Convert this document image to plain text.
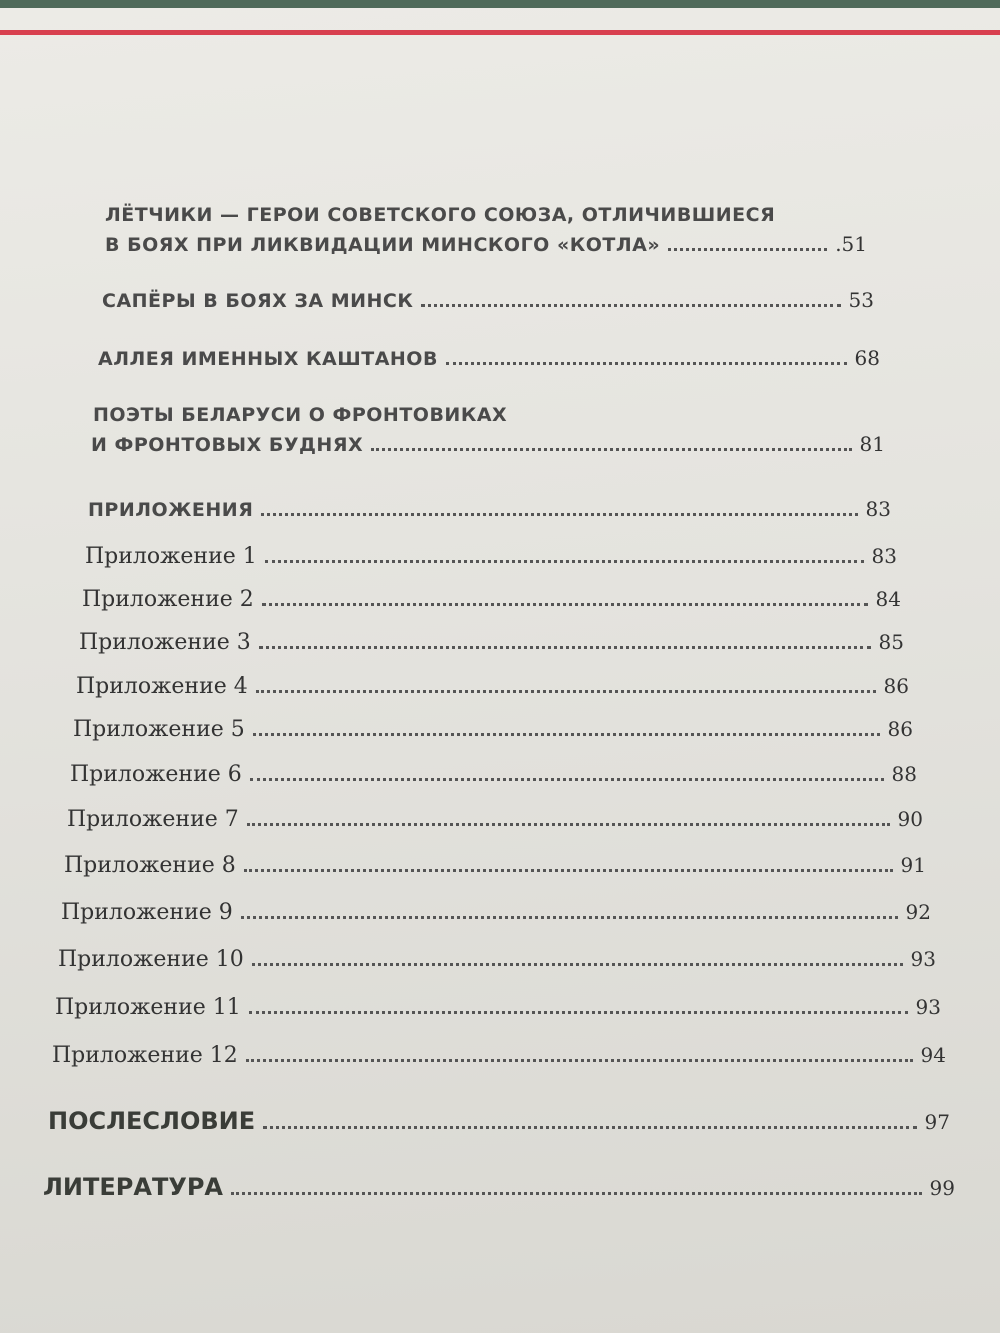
ЛЁТЧИКИ — ГЕРОИ СОВЕТСКОГО СОЮЗА, ОТЛИЧИВШИЕСЯ
В БОЯХ ПРИ ЛИКВИДАЦИИ МИНСКОГО «КОТЛА»	.51
САПЁРЫ В БОЯХ ЗА МИНСК	53
АЛЛЕЯ ИМЕННЫХ КАШТАНОВ	68
ПОЭТЫ БЕЛАРУСИ О ФРОНТОВИКАХ
И ФРОНТОВЫХ БУДНЯХ	81
ПРИЛОЖЕНИЯ	83
Приложение 1	83
Приложение 2	84
Приложение 3	85
Приложение 4	86
Приложение 5	86
Приложение 6	88
Приложение 7	90
Приложение 8	91
Приложение 9	92
Приложение 10	93
Приложение 11	93
Приложение 12	94
ПОСЛЕСЛОВИЕ	97
ЛИТЕРАТУРА	99
